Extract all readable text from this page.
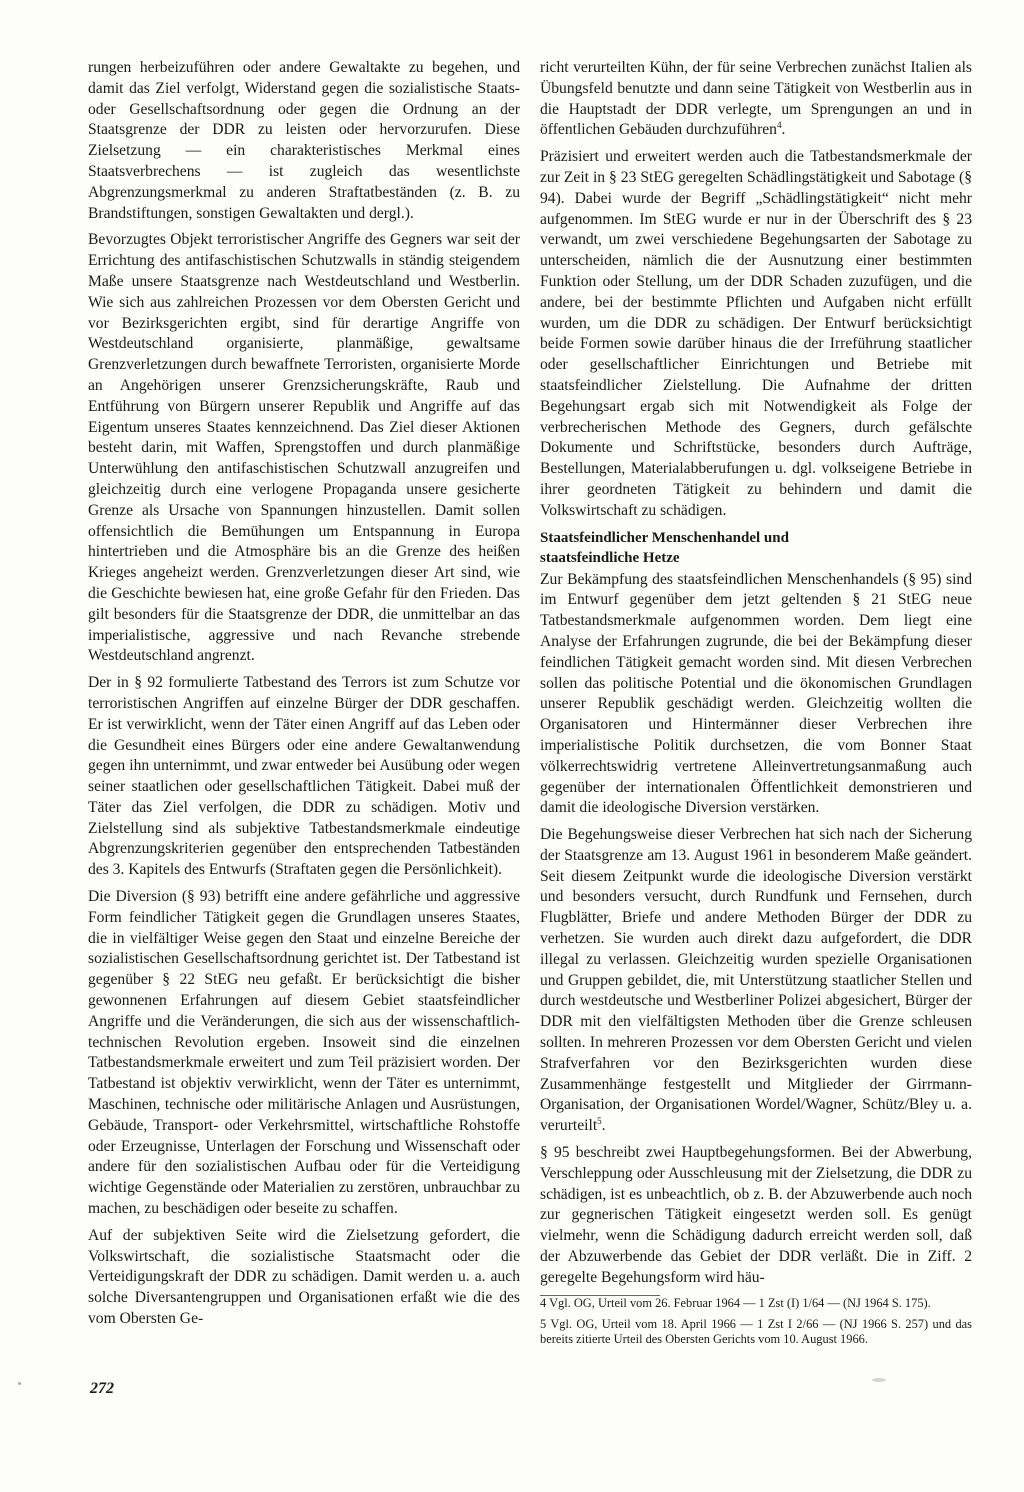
rungen herbeizuführen oder andere Gewaltakte zu begehen, und damit das Ziel verfolgt, Widerstand gegen die sozialistische Staats- oder Gesellschaftsordnung oder gegen die Ordnung an der Staatsgrenze der DDR zu leisten oder hervorzurufen. Diese Zielsetzung — ein charakteristisches Merkmal eines Staatsverbrechens — ist zugleich das wesentlichste Abgrenzungsmerkmal zu anderen Straftatbeständen (z. B. zu Brandstiftungen, sonstigen Gewaltakten und dergl.).

Bevorzugtes Objekt terroristischer Angriffe des Gegners war seit der Errichtung des antifaschistischen Schutzwalls in ständig steigendem Maße unsere Staatsgrenze nach Westdeutschland und Westberlin. Wie sich aus zahlreichen Prozessen vor dem Obersten Gericht und vor Bezirksgerichten ergibt, sind für derartige Angriffe von Westdeutschland organisierte, planmäßige, gewaltsame Grenzverletzungen durch bewaffnete Terroristen, organisierte Morde an Angehörigen unserer Grenzsicherungskräfte, Raub und Entführung von Bürgern unserer Republik und Angriffe auf das Eigentum unseres Staates kennzeichnend. Das Ziel dieser Aktionen besteht darin, mit Waffen, Sprengstoffen und durch planmäßige Unterwühlung den antifaschistischen Schutzwall anzugreifen und gleichzeitig durch eine verlogene Propaganda unsere gesicherte Grenze als Ursache von Spannungen hinzustellen. Damit sollen offensichtlich die Bemühungen um Entspannung in Europa hintertrieben und die Atmosphäre bis an die Grenze des heißen Krieges angeheizt werden. Grenzverletzungen dieser Art sind, wie die Geschichte bewiesen hat, eine große Gefahr für den Frieden. Das gilt besonders für die Staatsgrenze der DDR, die unmittelbar an das imperialistische, aggressive und nach Revanche strebende Westdeutschland angrenzt.

Der in § 92 formulierte Tatbestand des Terrors ist zum Schutze vor terroristischen Angriffen auf einzelne Bürger der DDR geschaffen. Er ist verwirklicht, wenn der Täter einen Angriff auf das Leben oder die Gesundheit eines Bürgers oder eine andere Gewaltanwendung gegen ihn unternimmt, und zwar entweder bei Ausübung oder wegen seiner staatlichen oder gesellschaftlichen Tätigkeit. Dabei muß der Täter das Ziel verfolgen, die DDR zu schädigen. Motiv und Zielstellung sind als subjektive Tatbestandsmerkmale eindeutige Abgrenzungskriterien gegenüber den entsprechenden Tatbeständen des 3. Kapitels des Entwurfs (Straftaten gegen die Persönlichkeit).

Die Diversion (§ 93) betrifft eine andere gefährliche und aggressive Form feindlicher Tätigkeit gegen die Grundlagen unseres Staates, die in vielfältiger Weise gegen den Staat und einzelne Bereiche der sozialistischen Gesellschaftsordnung gerichtet ist. Der Tatbestand ist gegenüber § 22 StEG neu gefaßt. Er berücksichtigt die bisher gewonnenen Erfahrungen auf diesem Gebiet staatsfeindlicher Angriffe und die Veränderungen, die sich aus der wissenschaftlich-technischen Revolution ergeben. Insoweit sind die einzelnen Tatbestandsmerkmale erweitert und zum Teil präzisiert worden. Der Tatbestand ist objektiv verwirklicht, wenn der Täter es unternimmt, Maschinen, technische oder militärische Anlagen und Ausrüstungen, Gebäude, Transport- oder Verkehrsmittel, wirtschaftliche Rohstoffe oder Erzeugnisse, Unterlagen der Forschung und Wissenschaft oder andere für den sozialistischen Aufbau oder für die Verteidigung wichtige Gegenstände oder Materialien zu zerstören, unbrauchbar zu machen, zu beschädigen oder beseite zu schaffen.

Auf der subjektiven Seite wird die Zielsetzung gefordert, die Volkswirtschaft, die sozialistische Staatsmacht oder die Verteidigungskraft der DDR zu schädigen. Damit werden u. a. auch solche Diversantengruppen und Organisationen erfaßt wie die des vom Obersten Ge-

richt verurteilten Kühn, der für seine Verbrechen zunächst Italien als Übungsfeld benutzte und dann seine Tätigkeit von Westberlin aus in die Hauptstadt der DDR verlegte, um Sprengungen an und in öffentlichen Gebäuden durchzuführen$^4$.

Präzisiert und erweitert werden auch die Tatbestandsmerkmale der zur Zeit in § 23 StEG geregelten Schädlingstätigkeit und Sabotage (§ 94). Dabei wurde der Begriff „Schädlingstätigkeit“ nicht mehr aufgenommen. Im StEG wurde er nur in der Überschrift des § 23 verwandt, um zwei verschiedene Begehungsarten der Sabotage zu unterscheiden, nämlich die der Ausnutzung einer bestimmten Funktion oder Stellung, um der DDR Schaden zuzufügen, und die andere, bei der bestimmte Pflichten und Aufgaben nicht erfüllt wurden, um die DDR zu schädigen. Der Entwurf berücksichtigt beide Formen sowie darüber hinaus die der Irreführung staatlicher oder gesellschaftlicher Einrichtungen und Betriebe mit staatsfeindlicher Zielstellung. Die Aufnahme der dritten Begehungsart ergab sich mit Notwendigkeit als Folge der verbrecherischen Methode des Gegners, durch gefälschte Dokumente und Schriftstücke, besonders durch Aufträge, Bestellungen, Materialabberufungen u. dgl. volkseigene Betriebe in ihrer geordneten Tätigkeit zu behindern und damit die Volkswirtschaft zu schädigen.

Staatsfeindlicher Menschenhandel und
staatsfeindliche Hetze

Zur Bekämpfung des staatsfeindlichen Menschenhandels (§ 95) sind im Entwurf gegenüber dem jetzt geltenden § 21 StEG neue Tatbestandsmerkmale aufgenommen worden. Dem liegt eine Analyse der Erfahrungen zugrunde, die bei der Bekämpfung dieser feindlichen Tätigkeit gemacht worden sind. Mit diesen Verbrechen sollen das politische Potential und die ökonomischen Grundlagen unserer Republik geschädigt werden. Gleichzeitig wollten die Organisatoren und Hintermänner dieser Verbrechen ihre imperialistische Politik durchsetzen, die vom Bonner Staat völkerrechtswidrig vertretene Alleinvertretungsanmaßung auch gegenüber der internationalen Öffentlichkeit demonstrieren und damit die ideologische Diversion verstärken.

Die Begehungsweise dieser Verbrechen hat sich nach der Sicherung der Staatsgrenze am 13. August 1961 in besonderem Maße geändert. Seit diesem Zeitpunkt wurde die ideologische Diversion verstärkt und besonders versucht, durch Rundfunk und Fernsehen, durch Flugblätter, Briefe und andere Methoden Bürger der DDR zu verhetzen. Sie wurden auch direkt dazu aufgefordert, die DDR illegal zu verlassen. Gleichzeitig wurden spezielle Organisationen und Gruppen gebildet, die, mit Unterstützung staatlicher Stellen und durch westdeutsche und Westberliner Polizei abgesichert, Bürger der DDR mit den vielfältigsten Methoden über die Grenze schleusen sollten. In mehreren Prozessen vor dem Obersten Gericht und vielen Strafverfahren vor den Bezirksgerichten wurden diese Zusammenhänge festgestellt und Mitglieder der Girrmann-Organisation, der Organisationen Wordel/Wagner, Schütz/Bley u. a. verurteilt$^5$.

§ 95 beschreibt zwei Hauptbegehungsformen. Bei der Abwerbung, Verschleppung oder Ausschleusung mit der Zielsetzung, die DDR zu schädigen, ist es unbeachtlich, ob z. B. der Abzuwerbende auch noch zur gegnerischen Tätigkeit eingesetzt werden soll. Es genügt vielmehr, wenn die Schädigung dadurch erreicht werden soll, daß der Abzuwerbende das Gebiet der DDR verläßt. Die in Ziff. 2 geregelte Begehungsform wird häu-

4 Vgl. OG, Urteil vom 26. Februar 1964 — 1 Zst (I) 1/64 — (NJ 1964 S. 175).

5 Vgl. OG, Urteil vom 18. April 1966 — 1 Zst I 2/66 — (NJ 1966 S. 257) und das bereits zitierte Urteil des Obersten Gerichts vom 10. August 1966.

272
